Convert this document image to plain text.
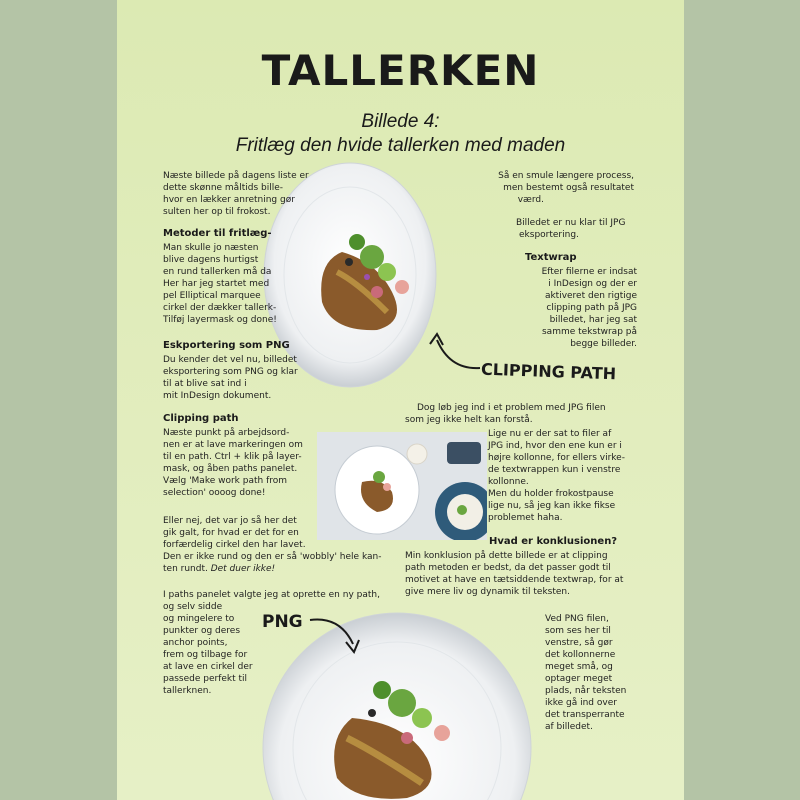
TALLERKEN
Billede 4:
Fritlæg den hvide tallerken med maden
Næste billede på dagens liste er
dette skønne måltids bille-
hvor en lækker anretning gør
sulten her op til frokost.
Metoder til fritlæg-
Man skulle jo næsten
blive dagens hurtigst
en rund tallerken må da
Her har jeg startet med
pel Elliptical marquee
cirkel der dækker tallerk-
Tilføj layermask og done!
Eskportering som PNG
Du kender det vel nu, billedet
eksportering som PNG og klar
til at blive sat ind i
mit InDesign dokument.
Clipping path
Næste punkt på arbejdsord-
nen er at lave markeringen om
til en path. Ctrl + klik på layer-
mask, og åben paths panelet.
Vælg 'Make work path from
selection' oooog done!
Eller nej, det var jo så her det
gik galt, for hvad er det for en
forfærdelig cirkel den har lavet.
Den er ikke rund og den er så 'wobbly' hele kan-
ten rundt. Det duer ikke!
I paths panelet valgte jeg at oprette en ny path,
og selv sidde
og mingelere to
punkter og deres
anchor points,
frem og tilbage for
at lave en cirkel der
passede perfekt til
tallerknen.
PNG
Så en smule længere process,
men bestemt også resultatet
værd.
Billedet er nu klar til JPG
eksportering.
Textwrap
Efter filerne er indsat
i InDesign og der er
aktiveret den rigtige
clipping path på JPG
billedet, har jeg sat
samme tekstwrap på
begge billeder.
CLIPPING PATH
Dog løb jeg ind i et problem med JPG filen
som jeg ikke helt kan forstå.
Lige nu er der sat to filer af
JPG ind, hvor den ene kun er i
højre kollonne, for ellers virke-
de textwrappen kun i venstre
kollonne.
Men du holder frokostpause
lige nu, så jeg kan ikke fikse
problemet haha.
Hvad er konklusionen?
Min konklusion på dette billede er at clipping
path metoden er bedst, da det passer godt til
motivet at have en tætsiddende textwrap, for at
give mere liv og dynamik til teksten.
Ved PNG filen,
som ses her til
venstre, så gør
det kollonnerne
meget små, og
optager meget
plads, når teksten
ikke gå ind over
det transperrante
af billedet.
